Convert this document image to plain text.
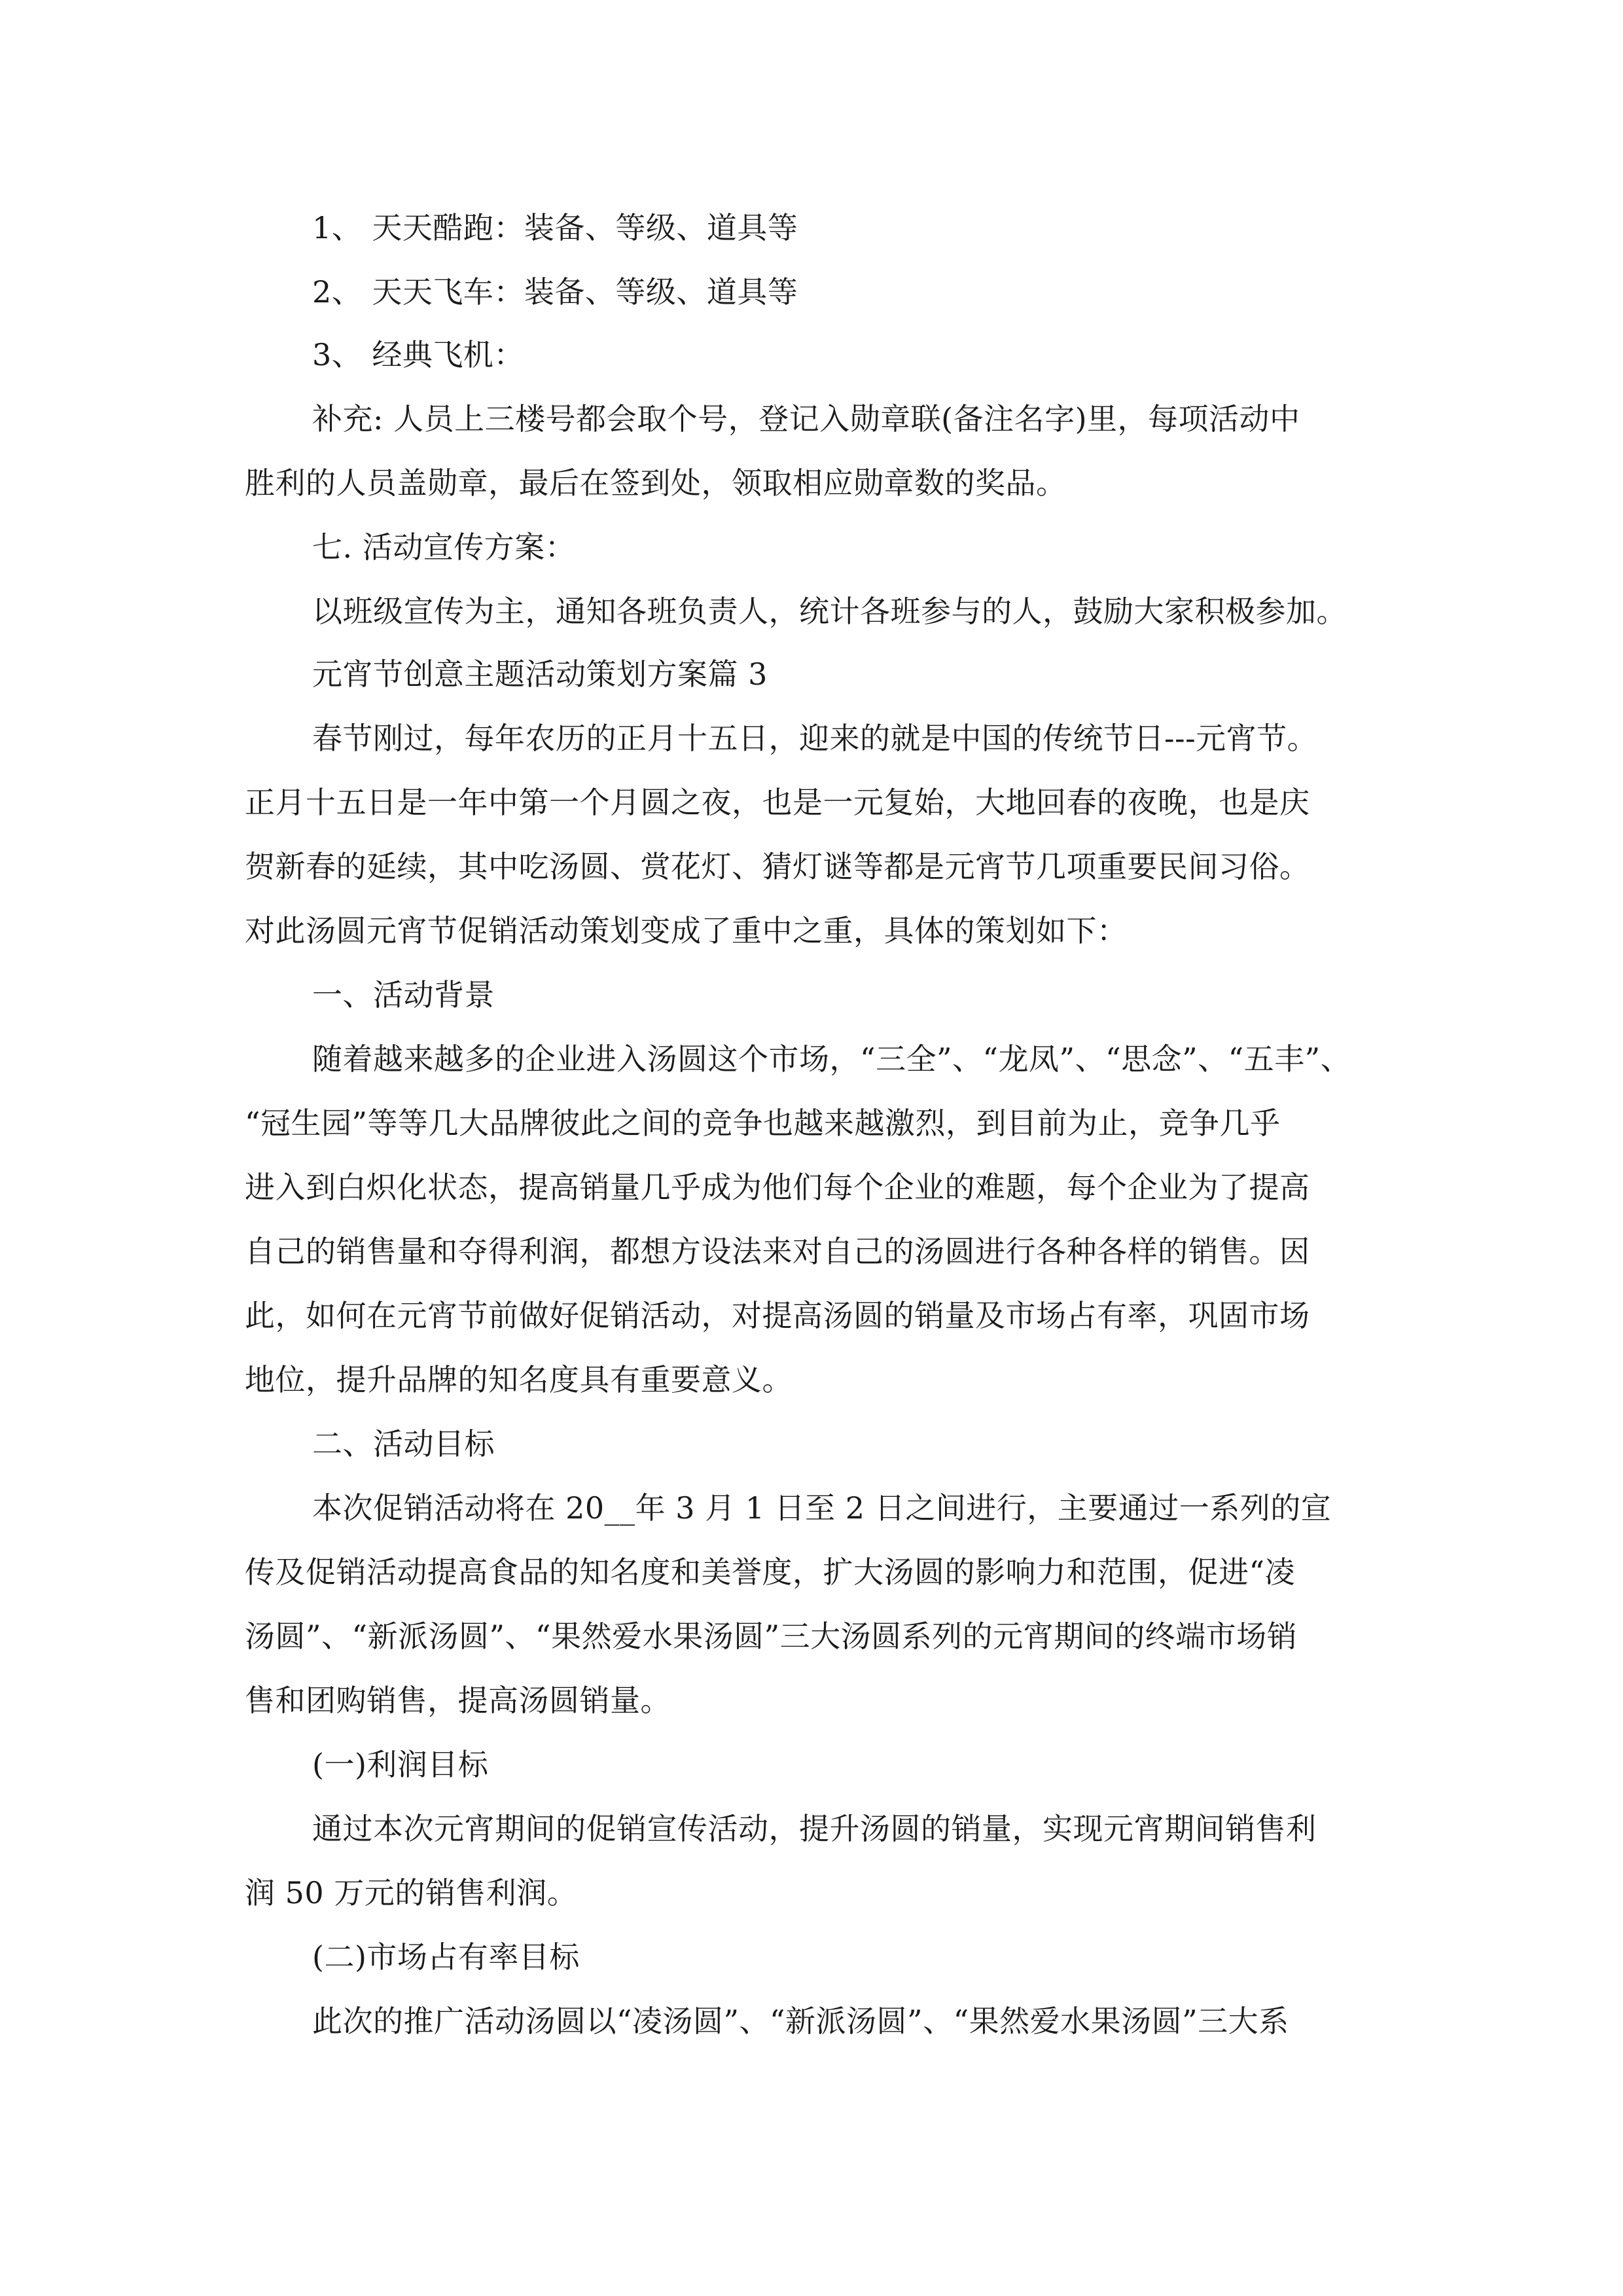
1、 天天酷跑：装备、等级、道具等
2、 天天飞车：装备、等级、道具等
3、 经典飞机：
补充: 人员上三楼号都会取个号，登记入勋章联(备注名字)里，每项活动中
胜利的人员盖勋章，最后在签到处，领取相应勋章数的奖品。
七. 活动宣传方案：
以班级宣传为主，通知各班负责人，统计各班参与的人，鼓励大家积极参加。
元宵节创意主题活动策划方案篇 3
春节刚过，每年农历的正月十五日，迎来的就是中国的传统节日---元宵节。
正月十五日是一年中第一个月圆之夜，也是一元复始，大地回春的夜晚，也是庆
贺新春的延续，其中吃汤圆、赏花灯、猜灯谜等都是元宵节几项重要民间习俗。
对此汤圆元宵节促销活动策划变成了重中之重，具体的策划如下：
一、活动背景
随着越来越多的企业进入汤圆这个市场，“三全”、“龙凤”、“思念”、“五丰”、
“冠生园”等等几大品牌彼此之间的竞争也越来越激烈，到目前为止，竞争几乎
进入到白炽化状态，提高销量几乎成为他们每个企业的难题，每个企业为了提高
自己的销售量和夺得利润，都想方设法来对自己的汤圆进行各种各样的销售。因
此，如何在元宵节前做好促销活动，对提高汤圆的销量及市场占有率，巩固市场
地位，提升品牌的知名度具有重要意义。
二、活动目标
本次促销活动将在 20__年 3 月 1 日至 2 日之间进行，主要通过一系列的宣
传及促销活动提高食品的知名度和美誉度，扩大汤圆的影响力和范围，促进“凌
汤圆”、“新派汤圆”、“果然爱水果汤圆”三大汤圆系列的元宵期间的终端市场销
售和团购销售，提高汤圆销量。
(一)利润目标
通过本次元宵期间的促销宣传活动，提升汤圆的销量，实现元宵期间销售利
润 50 万元的销售利润。
(二)市场占有率目标
此次的推广活动汤圆以“凌汤圆”、“新派汤圆”、“果然爱水果汤圆”三大系
